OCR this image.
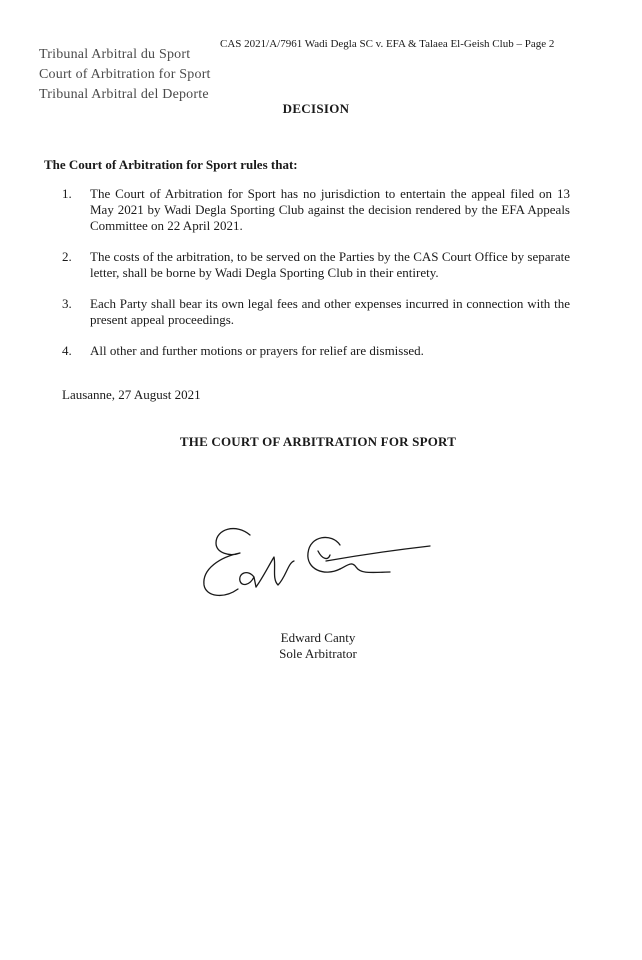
CAS 2021/A/7961 Wadi Degla SC v. EFA & Talaea El-Geish Club – Page 2
Tribunal Arbitral du Sport
Court of Arbitration for Sport
Tribunal Arbitral del Deporte
DECISION
The Court of Arbitration for Sport rules that:
1.	The Court of Arbitration for Sport has no jurisdiction to entertain the appeal filed on 13 May 2021 by Wadi Degla Sporting Club against the decision rendered by the EFA Appeals Committee on 22 April 2021.
2.	The costs of the arbitration, to be served on the Parties by the CAS Court Office by separate letter, shall be borne by Wadi Degla Sporting Club in their entirety.
3.	Each Party shall bear its own legal fees and other expenses incurred in connection with the present appeal proceedings.
4.	All other and further motions or prayers for relief are dismissed.
Lausanne, 27 August 2021
THE COURT OF ARBITRATION FOR SPORT
Edward Canty
Sole Arbitrator
